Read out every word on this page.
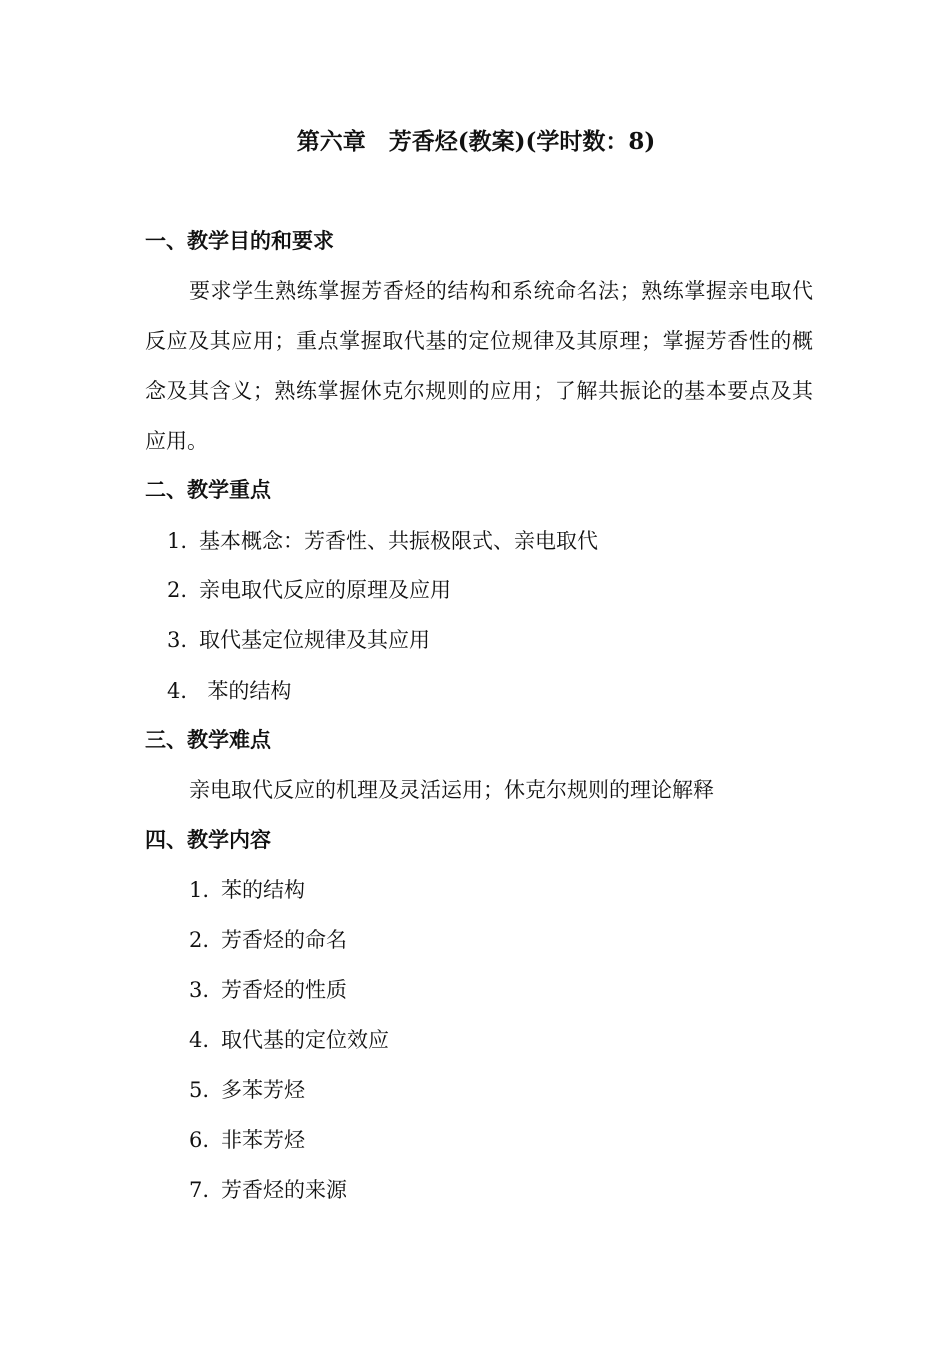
第六章　芳香烃(教案)(学时数：8)
一、教学目的和要求
要求学生熟练掌握芳香烃的结构和系统命名法；熟练掌握亲电取代反应及其应用；重点掌握取代基的定位规律及其原理；掌握芳香性的概念及其含义；熟练掌握休克尔规则的应用；了解共振论的基本要点及其应用。
二、教学重点
1. 基本概念：芳香性、共振极限式、亲电取代
2. 亲电取代反应的原理及应用
3. 取代基定位规律及其应用
4． 苯的结构
三、教学难点
亲电取代反应的机理及灵活运用；休克尔规则的理论解释
四、教学内容
1. 苯的结构
2. 芳香烃的命名
3. 芳香烃的性质
4. 取代基的定位效应
5. 多苯芳烃
6. 非苯芳烃
7. 芳香烃的来源
